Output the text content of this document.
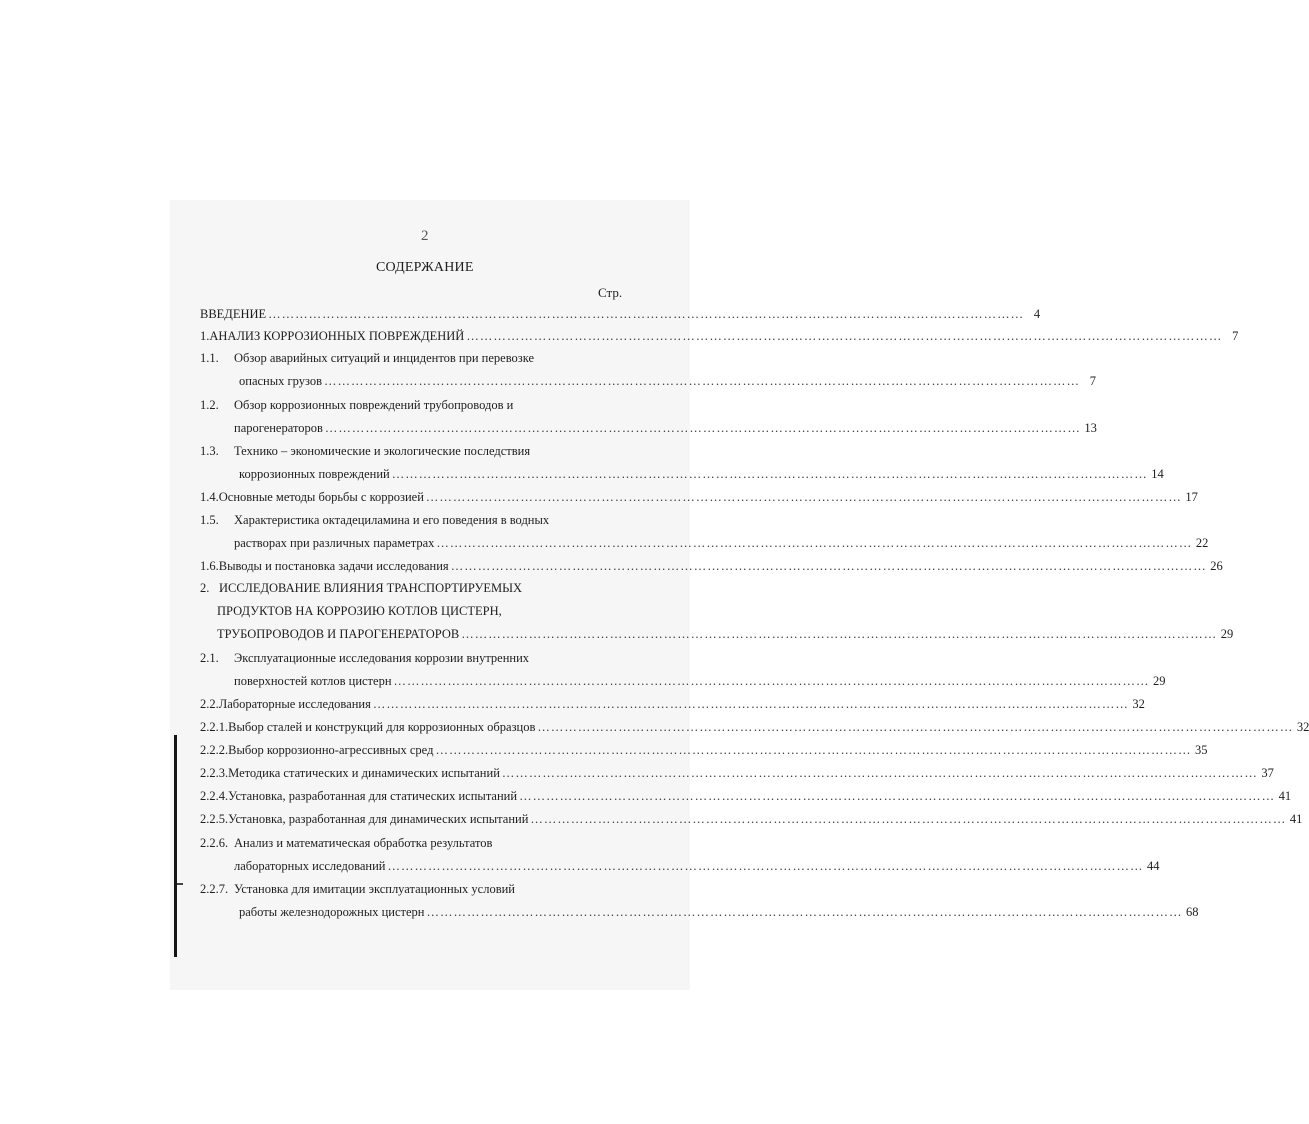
2
СОДЕРЖАНИЕ
Стр.
ВВЕДЕНИЕ …………………………………………………………………………………………………………………………………………………… 4
1. АНАЛИЗ КОРРОЗИОННЫХ ПОВРЕЖДЕНИЙ …………………………………………………………………………………………………………………………………………………… 7
1.1.	Обзор аварийных ситуаций и инцидентов при перевозке
опасных грузов …………………………………………………………………………………………………………………………………………………… 7
1.2.	Обзор коррозионных повреждений трубопроводов и
парогенераторов …………………………………………………………………………………………………………………………………………………… 13
1.3.	Технико – экономические и экологические последствия
коррозионных повреждений …………………………………………………………………………………………………………………………………………………… 14
1.4. Основные методы борьбы с коррозией …………………………………………………………………………………………………………………………………………………… 17
1.5.	Характеристика октадециламина и его поведения в водных
растворах при различных параметрах …………………………………………………………………………………………………………………………………………………… 22
1.6. Выводы и постановка задачи исследования …………………………………………………………………………………………………………………………………………………… 26
2. ИССЛЕДОВАНИЕ ВЛИЯНИЯ ТРАНСПОРТИРУЕМЫХ
ПРОДУКТОВ НА КОРРОЗИЮ КОТЛОВ ЦИСТЕРН,
ТРУБОПРОВОДОВ И ПАРОГЕНЕРАТОРОВ …………………………………………………………………………………………………………………………………………………… 29
2.1.	Эксплуатационные исследования коррозии внутренних
поверхностей котлов цистерн …………………………………………………………………………………………………………………………………………………… 29
2.2. Лабораторные исследования …………………………………………………………………………………………………………………………………………………… 32
2.2.1. Выбор сталей и конструкций для коррозионных образцов …………………………………………………………………………………………………………………………………………………… 32
2.2.2. Выбор коррозионно-агрессивных сред …………………………………………………………………………………………………………………………………………………… 35
2.2.3. Методика статических и динамических испытаний …………………………………………………………………………………………………………………………………………………… 37
2.2.4. Установка, разработанная для статических испытаний …………………………………………………………………………………………………………………………………………………… 41
2.2.5. Установка, разработанная для динамических испытаний …………………………………………………………………………………………………………………………………………………… 41
2.2.6. Анализ и математическая обработка результатов
лабораторных исследований …………………………………………………………………………………………………………………………………………………… 44
2.2.7. Установка для имитации эксплуатационных условий
работы железнодорожных цистерн …………………………………………………………………………………………………………………………………………………… 68
